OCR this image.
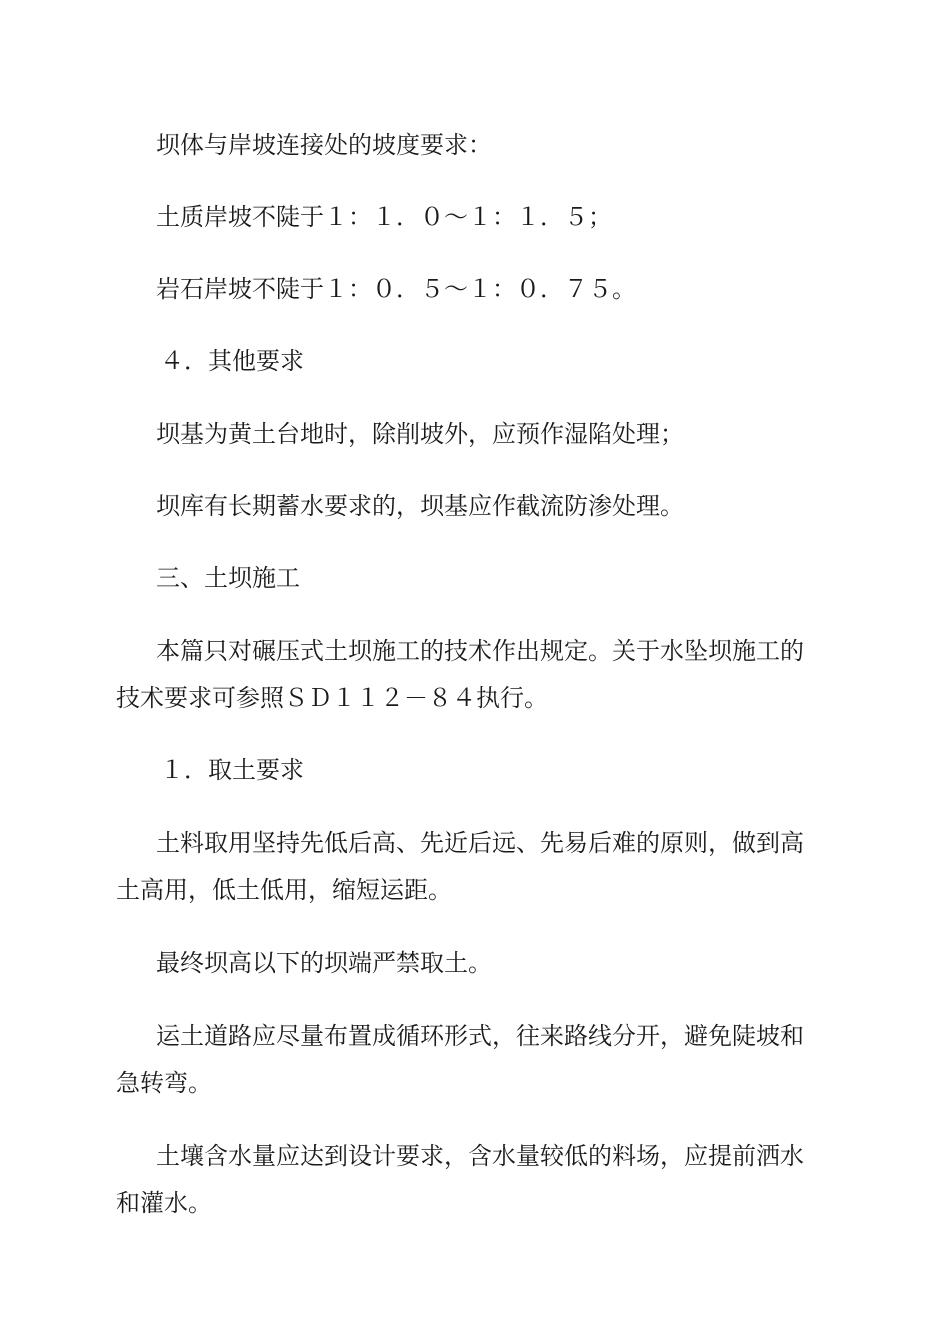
坝体与岸坡连接处的坡度要求：

土质岸坡不陡于１：１．０～１：１．５；

岩石岸坡不陡于１：０．５～１：０．７５。

４．其他要求

坝基为黄土台地时，除削坡外，应预作湿陷处理；

坝库有长期蓄水要求的，坝基应作截流防渗处理。

三、土坝施工

本篇只对碾压式土坝施工的技术作出规定。关于水坠坝施工的技术要求可参照ＳＤ１１２－８４执行。

１．取土要求

土料取用坚持先低后高、先近后远、先易后难的原则，做到高土高用，低土低用，缩短运距。

最终坝高以下的坝端严禁取土。

运土道路应尽量布置成循环形式，往来路线分开，避免陡坡和急转弯。

土壤含水量应达到设计要求，含水量较低的料场，应提前洒水和灌水。
